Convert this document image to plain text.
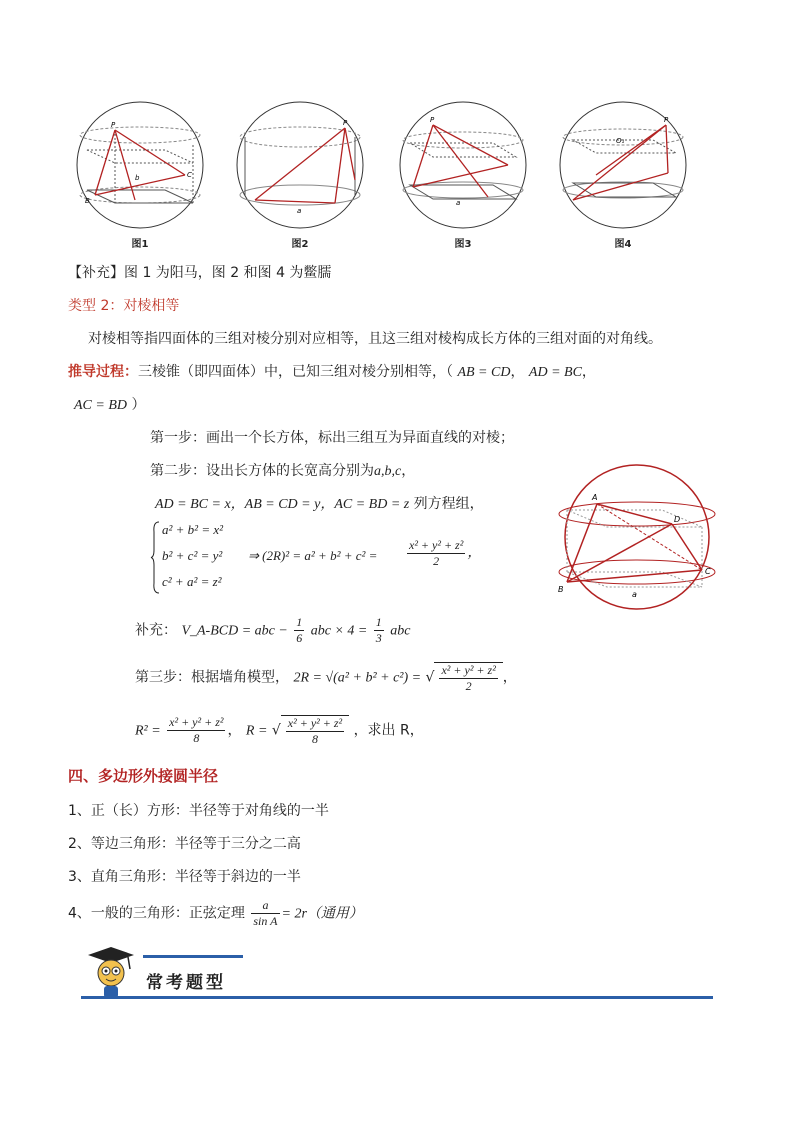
P
B
C
b
图1
P
a
图2
P
a
图3
O₁
P
图4
【补充】图 1 为阳马，图 2 和图 4 为鳖臑
类型 2：对棱相等
对棱相等指四面体的三组对棱分别对应相等，且这三组对棱构成长方体的三组对面的对角线。
推导过程：三棱锥（即四面体）中，已知三组对棱分别相等，（ AB = CD， AD = BC，
AC = BD ）
第一步：画出一个长方体，标出三组互为异面直线的对棱；
第二步：设出长方体的长宽高分别为a,b,c，
AD = BC = x，AB = CD = y，AC = BD = z 列方程组，
a² + b² = x²
b² + c² = y²
c² + a² = z²
⇒ $(2R)^2 = a^2 + b^2 + c^2 = \frac{\text{x² + y² + z²}}{2}$ ，
补充： V_A-BCD = abc − $\frac{1}{6}$ abc × $4 = \frac{1}{3}$ abc
第三步：根据墙角模型， 2R = √(a² + b² + c²) = √ $\frac{\text{x² + y² + z²}}{2}$ ，
$R^2 = \frac{\text{x² + y² + z²}}{8}$ ， R = √ $\frac{\text{x² + y² + z²}}{8}$ ，求出 R，
A
D
B
C
a
四、多边形外接圆半径
1、正（长）方形：半径等于对角线的一半
2、等边三角形：半径等于三分之二高
3、直角三角形：半径等于斜边的一半
4、一般的三角形：正弦定理 $\frac{a}{\text{sin A}} = 2r$（通用）
常考题型
